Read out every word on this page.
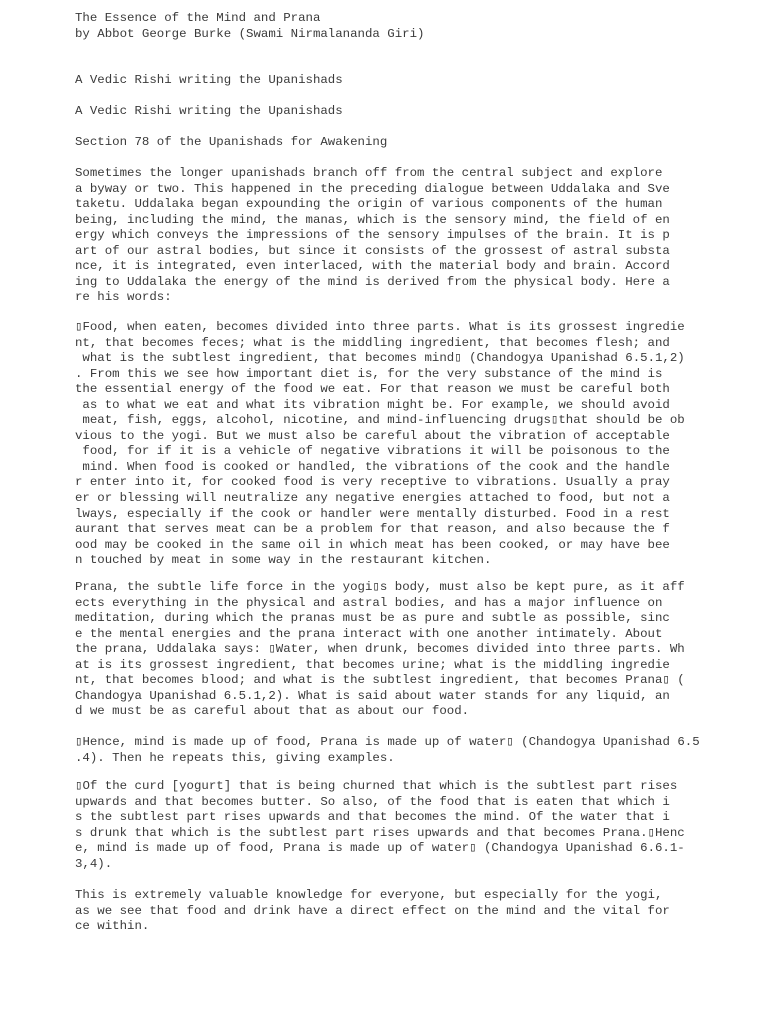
The Essence of the Mind and Prana
by Abbot George Burke (Swami Nirmalananda Giri)
A Vedic Rishi writing the Upanishads
A Vedic Rishi writing the Upanishads
Section 78 of the Upanishads for Awakening
Sometimes the longer upanishads branch off from the central subject and explore
a byway or two. This happened in the preceding dialogue between Uddalaka and Sve
taketu. Uddalaka began expounding the origin of various components of the human
being, including the mind, the manas, which is the sensory mind, the field of en
ergy which conveys the impressions of the sensory impulses of the brain. It is p
art of our astral bodies, but since it consists of the grossest of astral substa
nce, it is integrated, even interlaced, with the material body and brain. Accord
ing to Uddalaka the energy of the mind is derived from the physical body. Here a
re his words:
▯Food, when eaten, becomes divided into three parts. What is its grossest ingredie
nt, that becomes feces; what is the middling ingredient, that becomes flesh; and
what is the subtlest ingredient, that becomes mind▯ (Chandogya Upanishad 6.5.1,2)
. From this we see how important diet is, for the very substance of the mind is
the essential energy of the food we eat. For that reason we must be careful both
as to what we eat and what its vibration might be. For example, we should avoid
meat, fish, eggs, alcohol, nicotine, and mind-influencing drugs▯that should be ob
vious to the yogi. But we must also be careful about the vibration of acceptable
food, for if it is a vehicle of negative vibrations it will be poisonous to the
mind. When food is cooked or handled, the vibrations of the cook and the handle
r enter into it, for cooked food is very receptive to vibrations. Usually a pray
er or blessing will neutralize any negative energies attached to food, but not a
lways, especially if the cook or handler were mentally disturbed. Food in a rest
aurant that serves meat can be a problem for that reason, and also because the f
ood may be cooked in the same oil in which meat has been cooked, or may have bee
n touched by meat in some way in the restaurant kitchen.
Prana, the subtle life force in the yogi▯s body, must also be kept pure, as it aff
ects everything in the physical and astral bodies, and has a major influence on
meditation, during which the pranas must be as pure and subtle as possible, sinc
e the mental energies and the prana interact with one another intimately. About
the prana, Uddalaka says: ▯Water, when drunk, becomes divided into three parts. Wh
at is its grossest ingredient, that becomes urine; what is the middling ingredie
nt, that becomes blood; and what is the subtlest ingredient, that becomes Prana▯ (
Chandogya Upanishad 6.5.1,2). What is said about water stands for any liquid, an
d we must be as careful about that as about our food.
▯Hence, mind is made up of food, Prana is made up of water▯ (Chandogya Upanishad 6.5
.4). Then he repeats this, giving examples.
▯Of the curd [yogurt] that is being churned that which is the subtlest part rises
upwards and that becomes butter. So also, of the food that is eaten that which i
s the subtlest part rises upwards and that becomes the mind. Of the water that i
s drunk that which is the subtlest part rises upwards and that becomes Prana.▯Henc
e, mind is made up of food, Prana is made up of water▯ (Chandogya Upanishad 6.6.1-
3,4).
This is extremely valuable knowledge for everyone, but especially for the yogi,
as we see that food and drink have a direct effect on the mind and the vital for
ce within.
